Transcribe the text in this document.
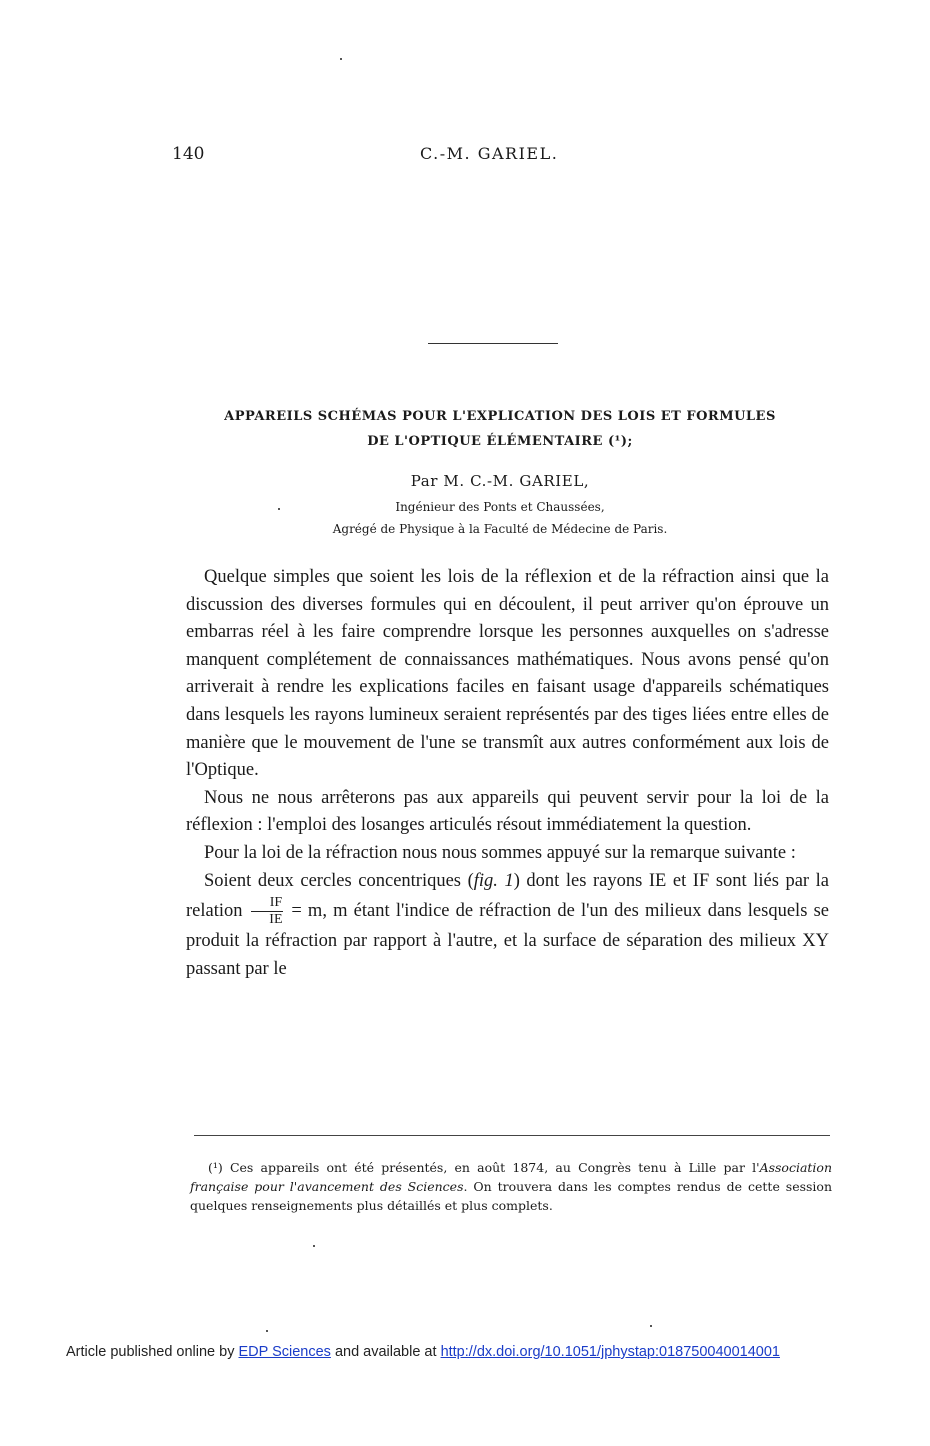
140	C.-M. GARIEL.
APPAREILS SCHÉMAS POUR L'EXPLICATION DES LOIS ET FORMULES
DE L'OPTIQUE ÉLÉMENTAIRE (¹);
Par M. C.-M. GARIEL,
Ingénieur des Ponts et Chaussées,
Agrégé de Physique à la Faculté de Médecine de Paris.

Quelque simples que soient les lois de la réflexion et de la réfraction ainsi que la discussion des diverses formules qui en découlent, il peut arriver qu'on éprouve un embarras réel à les faire comprendre lorsque les personnes auxquelles on s'adresse manquent complétement de connaissances mathématiques. Nous avons pensé qu'on arriverait à rendre les explications faciles en faisant usage d'appareils schématiques dans lesquels les rayons lumineux seraient représentés par des tiges liées entre elles de manière que le mouvement de l'une se transmît aux autres conformément aux lois de l'Optique.

Nous ne nous arrêterons pas aux appareils qui peuvent servir pour la loi de la réflexion : l'emploi des losanges articulés résout immédiatement la question.

Pour la loi de la réfraction nous nous sommes appuyé sur la remarque suivante :

Soient deux cercles concentriques (fig. 1) dont les rayons IE et IF sont liés par la relation $\frac{IF}{IE} = m$, m étant l'indice de réfraction de l'un des milieux dans lesquels se produit la réfraction par rapport à l'autre, et la surface de séparation des milieux XY passant par le

(¹) Ces appareils ont été présentés, en août 1874, au Congrès tenu à Lille par l'Association française pour l'avancement des Sciences. On trouvera dans les comptes rendus de cette session quelques renseignements plus détaillés et plus complets.
Article published online by EDP Sciences and available at http://dx.doi.org/10.1051/jphystap:018750040014001
